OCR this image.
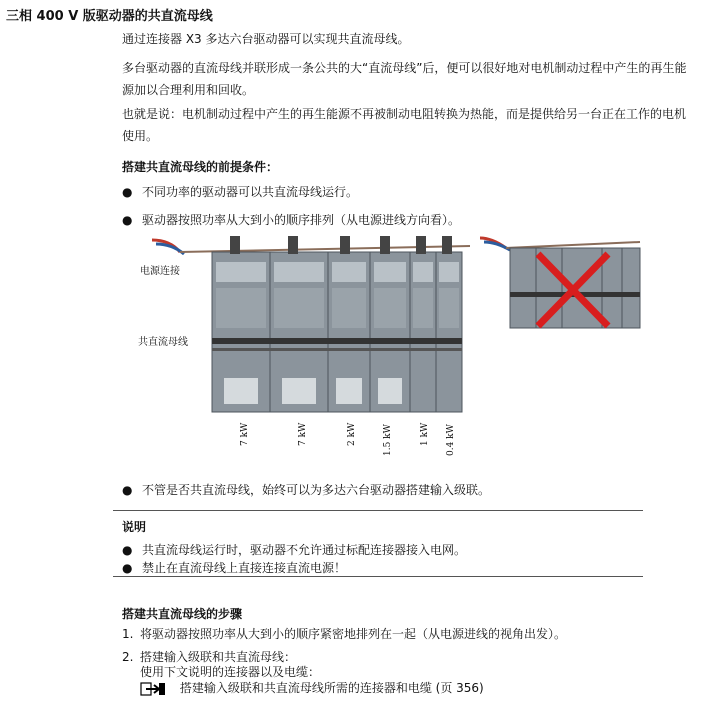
三相 400 V 版驱动器的共直流母线
通过连接器 X3 多达六台驱动器可以实现共直流母线。
多台驱动器的直流母线并联形成一条公共的大“直流母线”后，便可以很好地对电机制动过程中产生的再生能源加以合理利用和回收。
也就是说：电机制动过程中产生的再生能源不再被制动电阻转换为热能，而是提供给另一台正在工作的电机使用。
搭建共直流母线的前提条件：
● 不同功率的驱动器可以共直流母线运行。
● 驱动器按照功率从大到小的顺序排列（从电源进线方向看）。
电源连接
共直流母线
7 kW	7 kW	2 kW	1.5 kW	1 kW 0.4 kW
● 不管是否共直流母线，始终可以为多达六台驱动器搭建输入级联。
说明
● 共直流母线运行时，驱动器不允许通过标配连接器接入电网。
● 禁止在直流母线上直接连接直流电源！
搭建共直流母线的步骤
1. 将驱动器按照功率从大到小的顺序紧密地排列在一起（从电源进线的视角出发）。
2. 搭建输入级联和共直流母线：
使用下文说明的连接器以及电缆：
搭建输入级联和共直流母线所需的连接器和电缆 (页 356)
